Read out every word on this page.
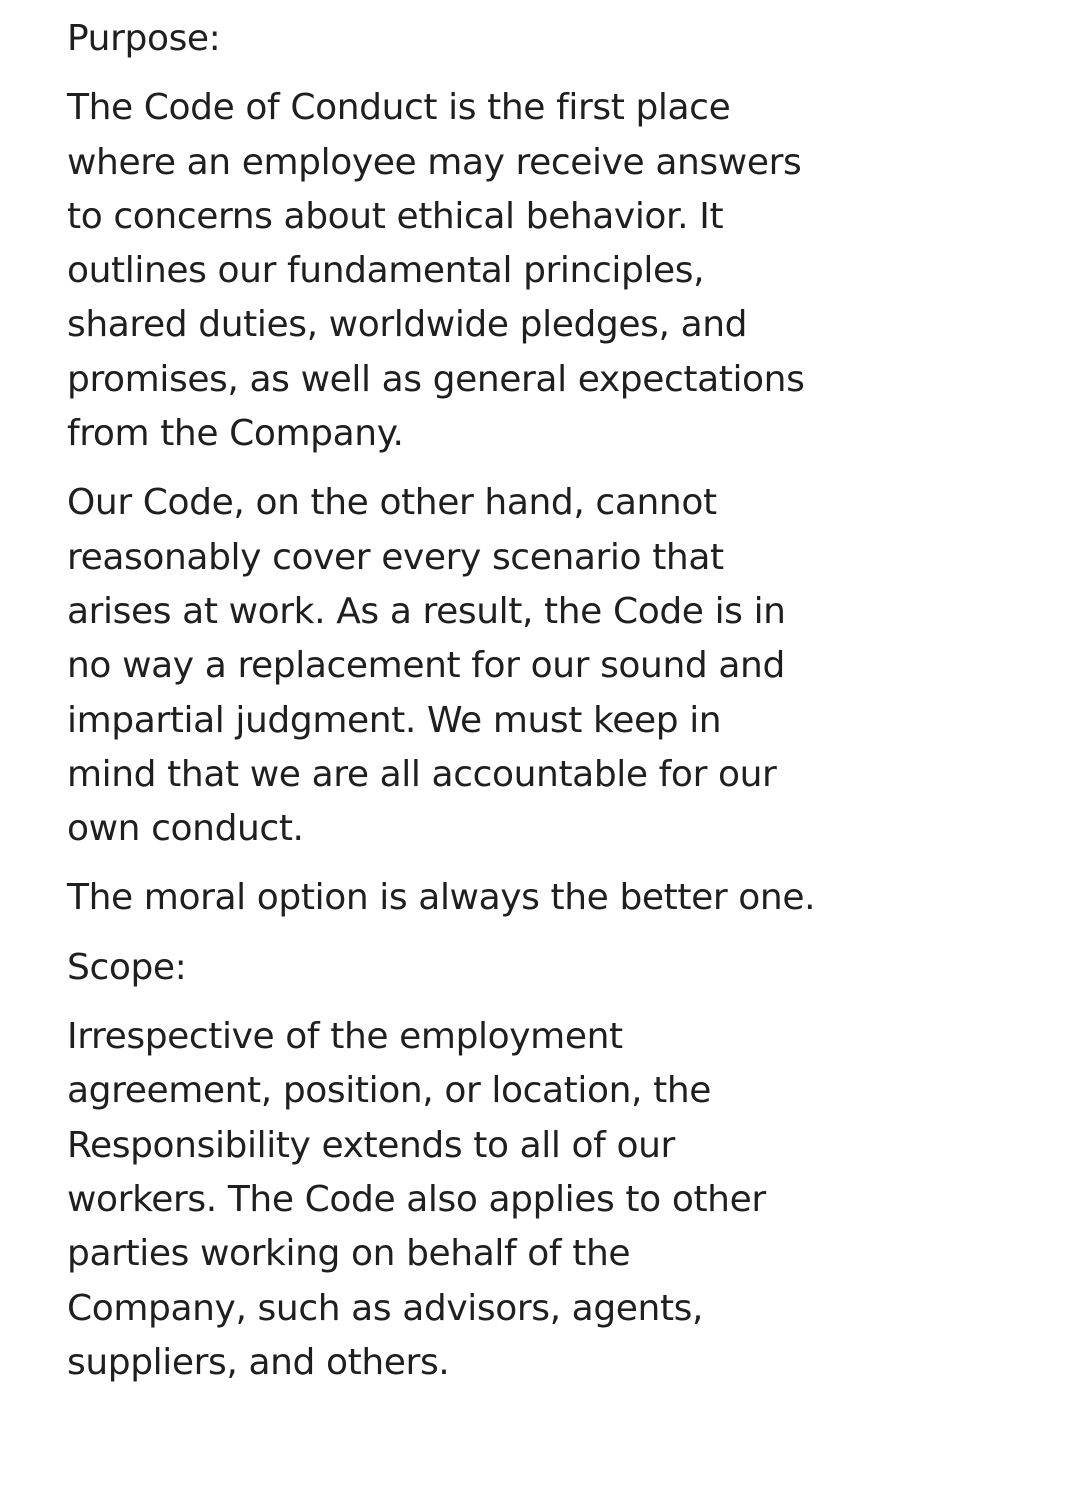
Purpose:

The Code of Conduct is the first place where an employee may receive answers to concerns about ethical behavior. It outlines our fundamental principles, shared duties, worldwide pledges, and promises, as well as general expectations from the Company.

Our Code, on the other hand, cannot reasonably cover every scenario that arises at work. As a result, the Code is in no way a replacement for our sound and impartial judgment. We must keep in mind that we are all accountable for our own conduct.

The moral option is always the better one.

Scope:

Irrespective of the employment agreement, position, or location, the Responsibility extends to all of our workers. The Code also applies to other parties working on behalf of the Company, such as advisors, agents, suppliers, and others.
